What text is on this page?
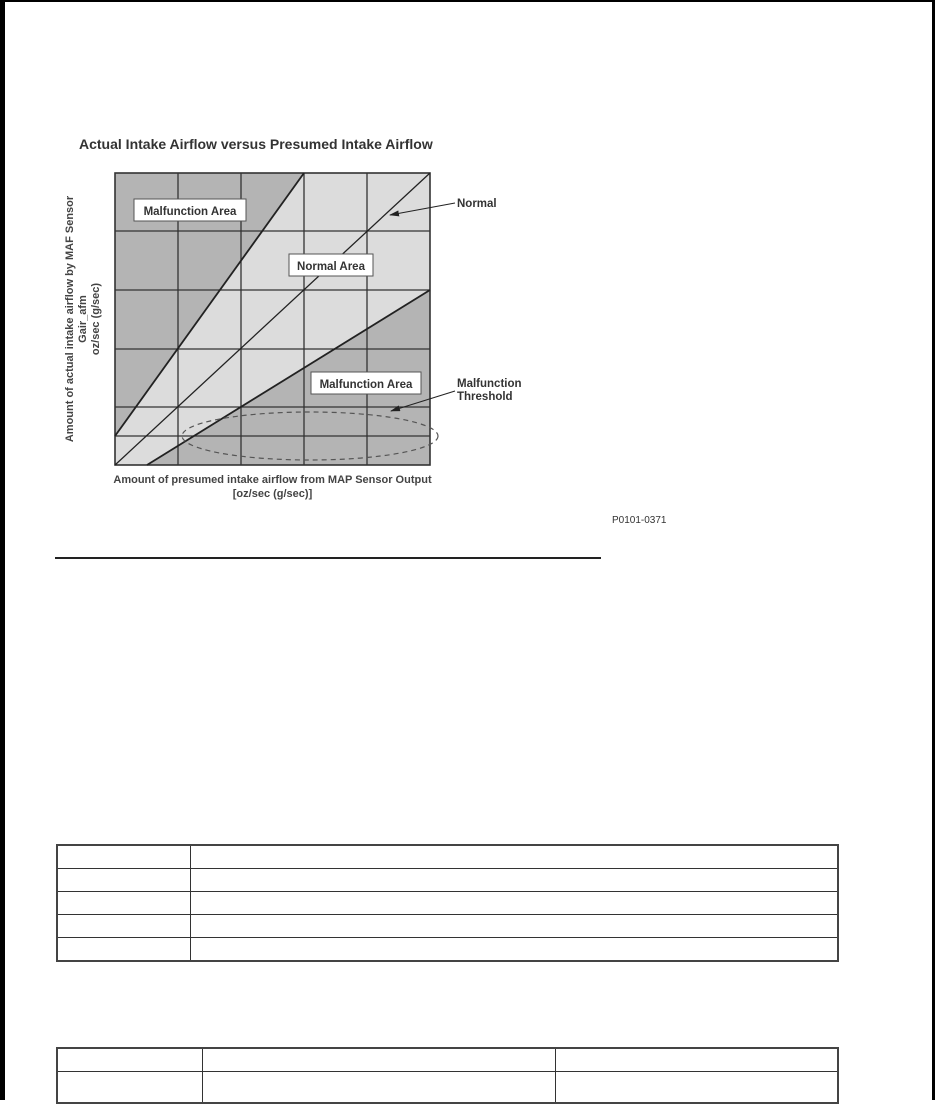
Actual Intake Airflow versus Presumed Intake Airflow
Malfunction Area
Normal Area
Malfunction Area
Normal
Malfunction
Threshold
Amount of actual intake airflow by MAF Sensor Gair_afm oz/sec (g/sec)
Amount of presumed intake airflow from MAP Sensor Output
[oz/sec (g/sec)]
P0101-0371
